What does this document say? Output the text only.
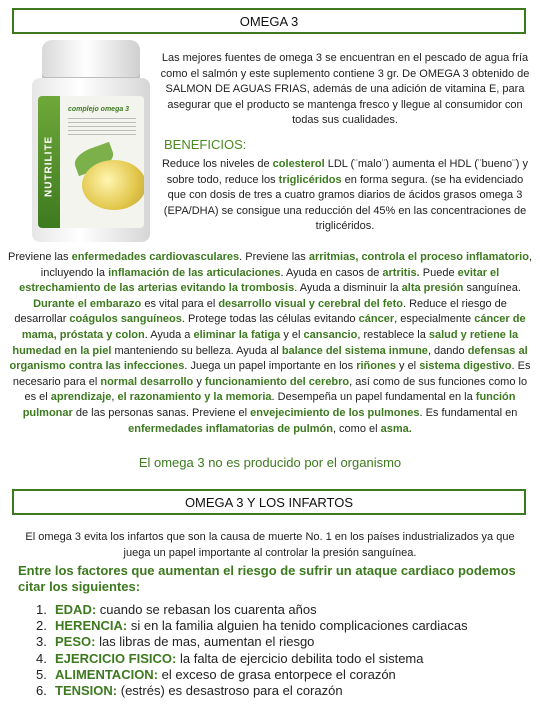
OMEGA 3
NUTRILITE
complejo omega 3
Las mejores fuentes de omega 3 se encuentran en el pescado de agua fría como el salmón y este suplemento contiene 3 gr. De OMEGA 3 obtenido de SALMON DE AGUAS FRIAS, además de una adición de vitamina E, para asegurar que el producto se mantenga fresco y llegue al consumidor con todas sus cualidades.
BENEFICIOS:
Reduce los niveles de colesterol LDL (¨malo¨) aumenta el HDL (¨bueno¨) y sobre todo, reduce los triglicéridos en forma segura. (se ha evidenciado que con dosis de tres a cuatro gramos diarios de ácidos grasos omega 3 (EPA/DHA) se consigue una reducción del 45% en las concentraciones de triglicéridos.
Previene las enfermedades cardiovasculares. Previene las arritmias, controla el proceso inflamatorio, incluyendo la inflamación de las articulaciones. Ayuda en casos de artritis. Puede evitar el estrechamiento de las arterias evitando la trombosis. Ayuda a disminuir la alta presión sanguínea. Durante el embarazo es vital para el desarrollo visual y cerebral del feto. Reduce el riesgo de desarrollar coágulos sanguíneos. Protege todas las células evitando cáncer, especialmente cáncer de mama, próstata y colon. Ayuda a eliminar la fatiga y el cansancio, restablece la salud y retiene la humedad en la piel manteniendo su belleza. Ayuda al balance del sistema inmune, dando defensas al organismo contra las infecciones. Juega un papel importante en los riñones y el sistema digestivo. Es necesario para el normal desarrollo y funcionamiento del cerebro, así como de sus funciones como lo es el aprendizaje, el razonamiento y la memoria. Desempeña un papel fundamental en la función pulmonar de las personas sanas. Previene el envejecimiento de los pulmones. Es fundamental en enfermedades inflamatorias de pulmón, como el asma.
El omega 3 no es producido por el organismo
OMEGA 3 Y LOS INFARTOS
El omega 3 evita los infartos que son la causa de muerte No. 1 en los países industrializados ya que juega un papel importante al controlar la presión sanguínea.
Entre los factores que aumentan el riesgo de sufrir un ataque cardiaco podemos citar los siguientes:
1. EDAD: cuando se rebasan los cuarenta años
2. HERENCIA: si en la familia alguien ha tenido complicaciones cardiacas
3. PESO: las libras de mas, aumentan el riesgo
4. EJERCICIO FISICO: la falta de ejercicio debilita todo el sistema
5. ALIMENTACION: el exceso de grasa entorpece el corazón
6. TENSION: (estrés) es desastroso para el corazón
